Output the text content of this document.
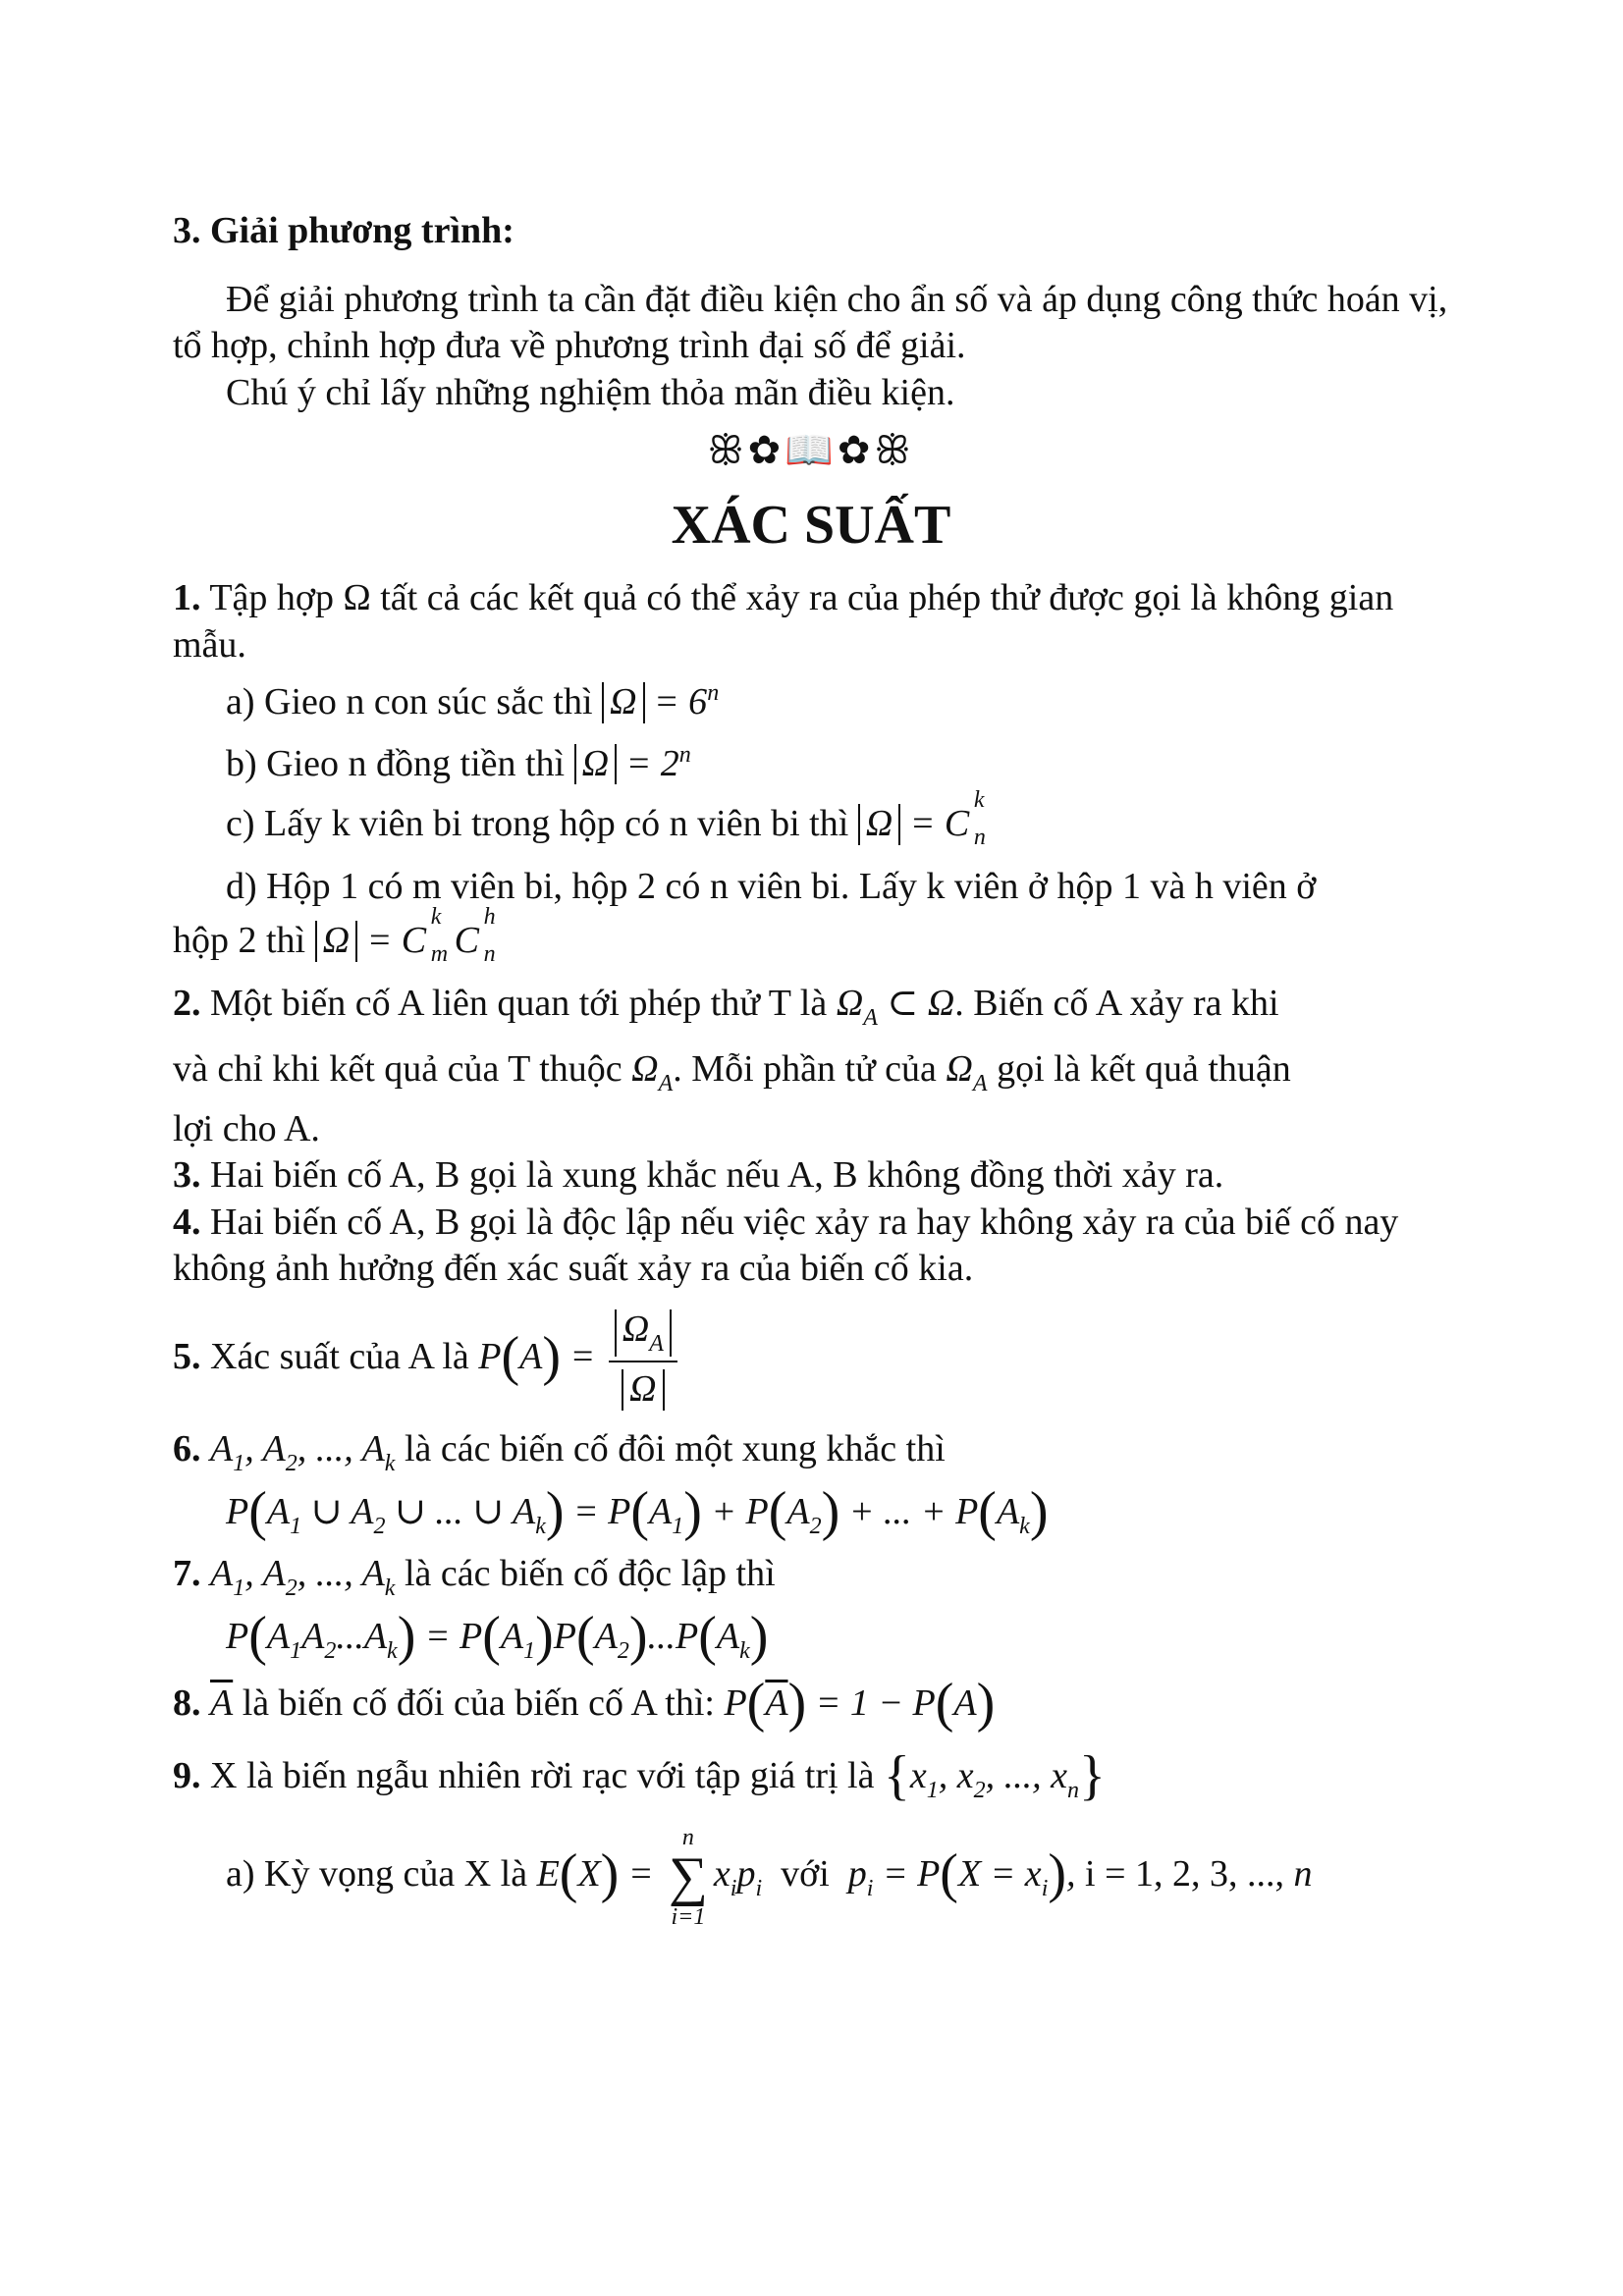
3. Giải phương trình:

Để giải phương trình ta cần đặt điều kiện cho ẩn số và áp dụng công thức hoán vị, tổ hợp, chỉnh hợp đưa về phương trình đại số để giải.

Chú ý chỉ lấy những nghiệm thỏa mãn điều kiện.

ꕥ✿📖✿ꕥ
XÁC SUẤT

1. Tập hợp Ω tất cả các kết quả có thể xảy ra của phép thử được gọi là không gian mẫu.

a) Gieo n con súc sắc thì $\Omega = 6^n$

b) Gieo n đồng tiền thì $\Omega = 2^n$

c) Lấy k viên bi trong hộp có n viên bi thì Ω = C
k
n

d) Hộp 1 có m viên bi, hộp 2 có n viên bi. Lấy k viên ở hộp 1 và h viên ở

hộp 2 thì Ω = C
k
m C
h
n

2. Một biến cố A liên quan tới phép thử T là $\Omega_A$ ⊂ Ω. Biến cố A xảy ra khi

và chỉ khi kết quả của T thuộc $\Omega_A$. Mỗi phần tử của $\Omega_A$ gọi là kết quả thuận

lợi cho A.

3. Hai biến cố A, B gọi là xung khắc nếu A, B không đồng thời xảy ra.

4. Hai biến cố A, B gọi là độc lập nếu việc xảy ra hay không xảy ra của biế cố nay không ảnh hưởng đến xác suất xảy ra của biến cố kia.

5. Xác suất của A là $P(A) = \frac{\Omega_A}{\Omega}$

6. $A_1$, $A_2$, ..., $A_k$ là các biến cố đôi một xung khắc thì

$P(A_1$ ∪ $A_2$ ∪ ... ∪ $A_k) = P(A_1) + P(A_2)$ + ... + $P(A_k)$

7. $A_1$, $A_2$, ..., $A_k$ là các biến cố độc lập thì

$P(A_1A_2...A_k) = P(A_1)P(A_2)...P(A_k)$

8. $\overline{A}$ là biến cố đối của biến cố A thì: $P(\overline{A}) = 1 - P(A)$

9. X là biến ngẫu nhiên rời rạc với tập giá trị là {$x_1$, $x_2$, ..., $x_n$}

a) Kỳ vọng của X là E(X) =
n
∑
i=1
$x_ip_i$ với $p_i = P(X = x_i)$, i = 1, 2, 3, ..., n
